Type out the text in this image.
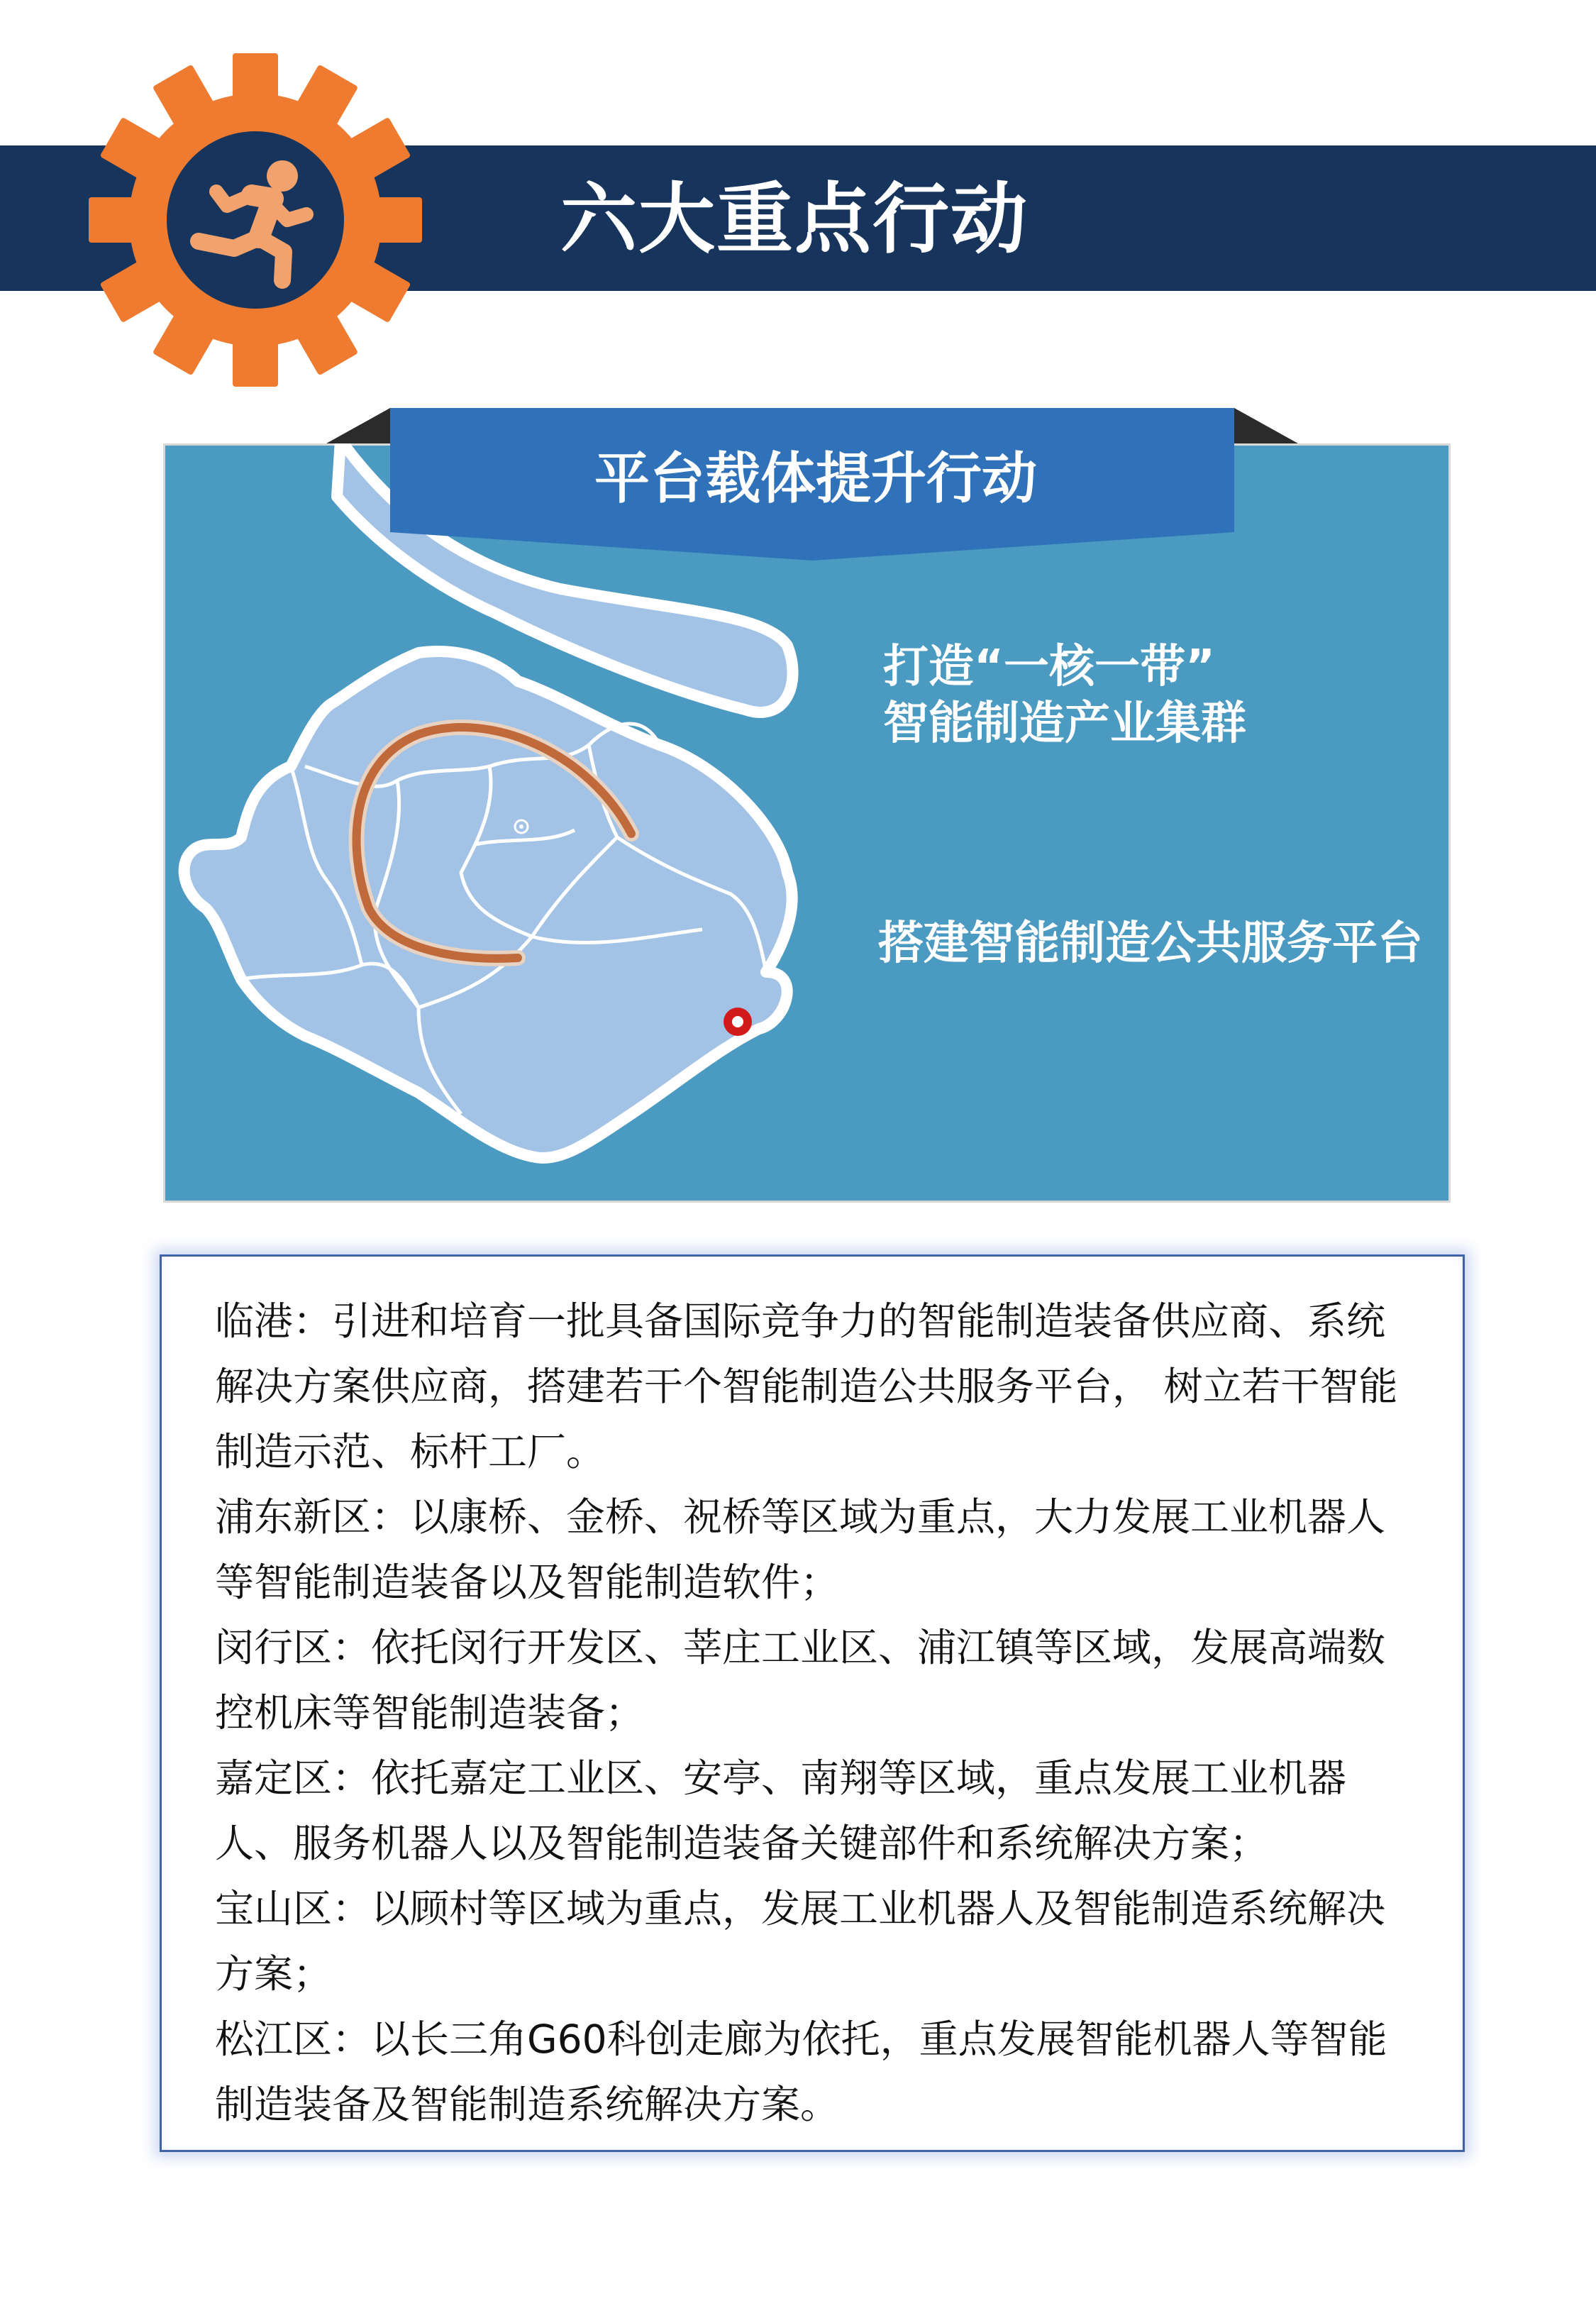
六大重点行动
平台载体提升行动
打造“一核一带”
智能制造产业集群
搭建智能制造公共服务平台

临港：引进和培育一批具备国际竞争力的智能制造装备供应商、系统解决方案供应商，搭建若干个智能制造公共服务平台， 树立若干智能制造示范、标杆工厂。

浦东新区：以康桥、金桥、祝桥等区域为重点，大力发展工业机器人等智能制造装备以及智能制造软件；

闵行区：依托闵行开发区、莘庄工业区、浦江镇等区域，发展高端数控机床等智能制造装备；

嘉定区：依托嘉定工业区、安亭、南翔等区域，重点发展工业机器人、服务机器人以及智能制造装备关键部件和系统解决方案；

宝山区：以顾村等区域为重点，发展工业机器人及智能制造系统解决方案；

松江区：以长三角G60科创走廊为依托，重点发展智能机器人等智能制造装备及智能制造系统解决方案。
